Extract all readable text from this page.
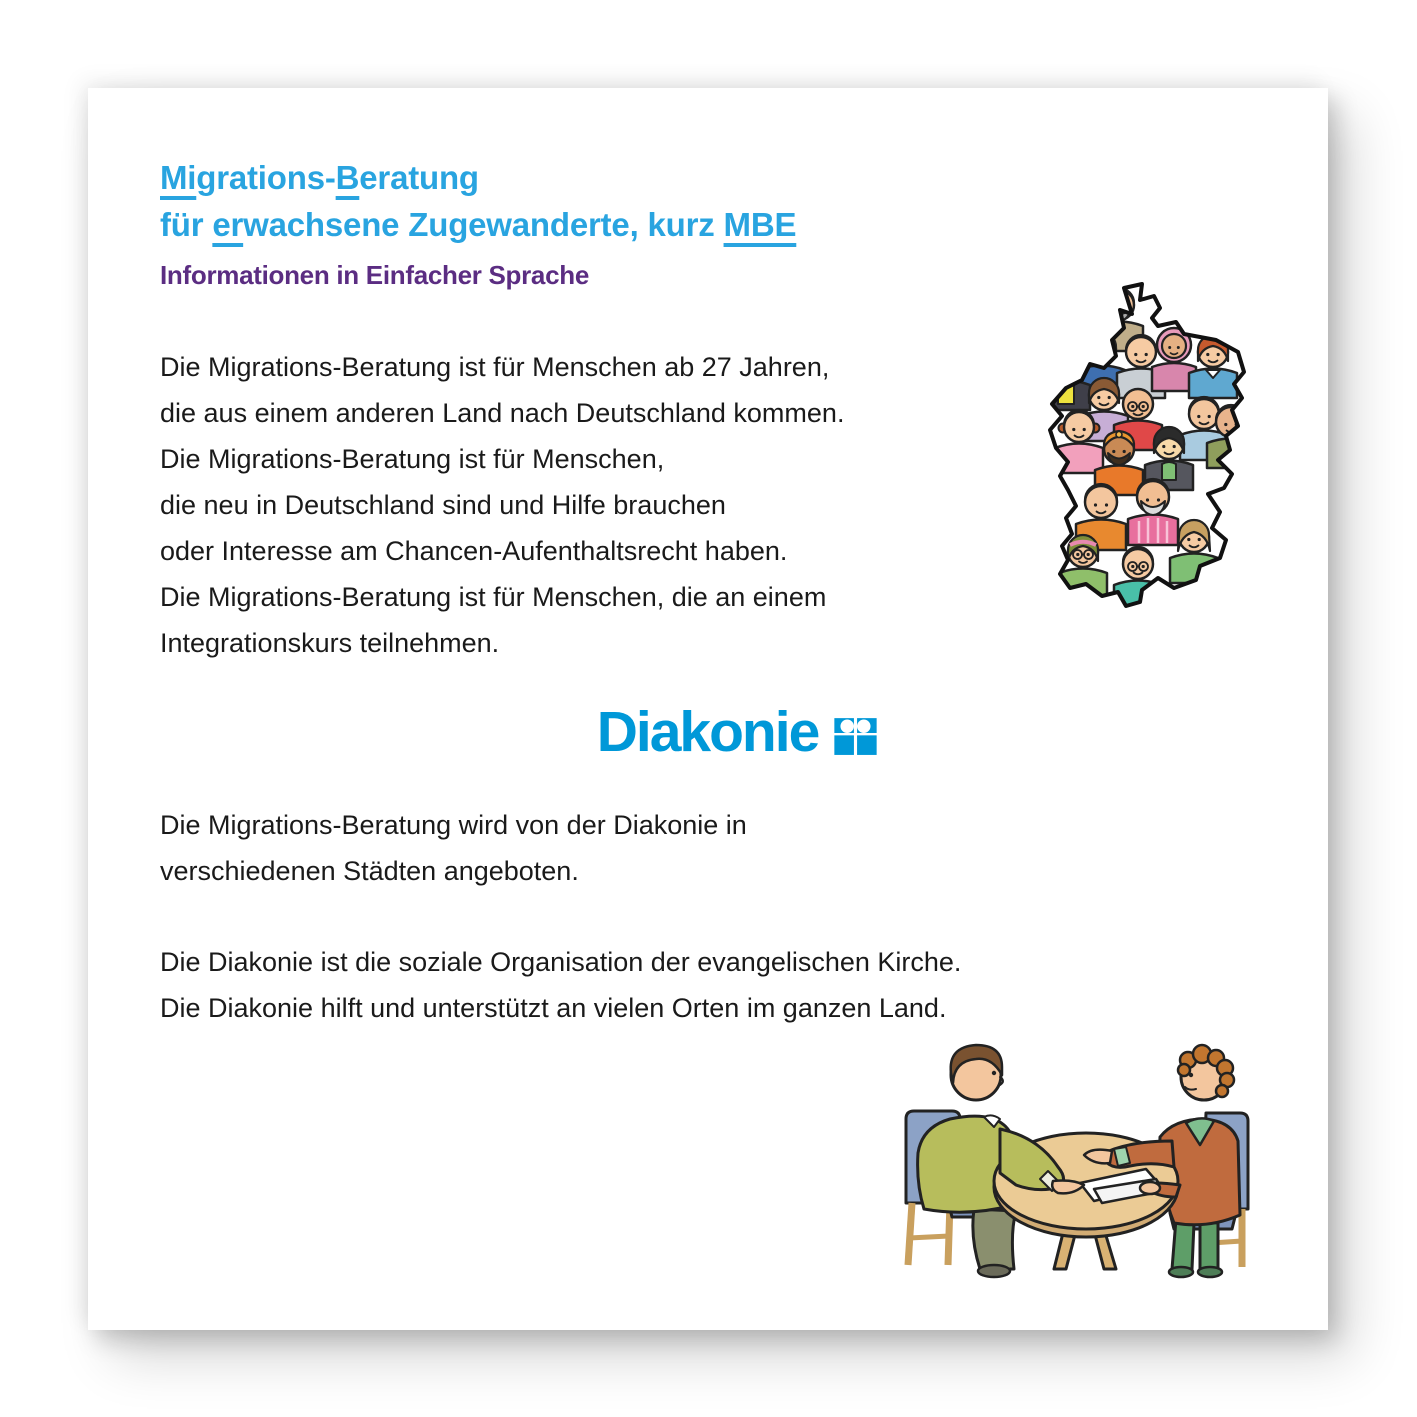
Migrations-Beratung
für erwachsene Zugewanderte, kurz MBE
Informationen in Einfacher Sprache
Die Migrations-Beratung ist für Menschen ab 27 Jahren,
die aus einem anderen Land nach Deutschland kommen.
Die Migrations-Beratung ist für Menschen,
die neu in Deutschland sind und Hilfe brauchen
oder Interesse am Chancen-Aufenthaltsrecht haben.
Die Migrations-Beratung ist für Menschen, die an einem
Integrationskurs teilnehmen.
Diakonie
Die Migrations-Beratung wird von der Diakonie in
verschiedenen Städten angeboten.
Die Diakonie ist die soziale Organisation der evangelischen Kirche.
Die Diakonie hilft und unterstützt an vielen Orten im ganzen Land.
